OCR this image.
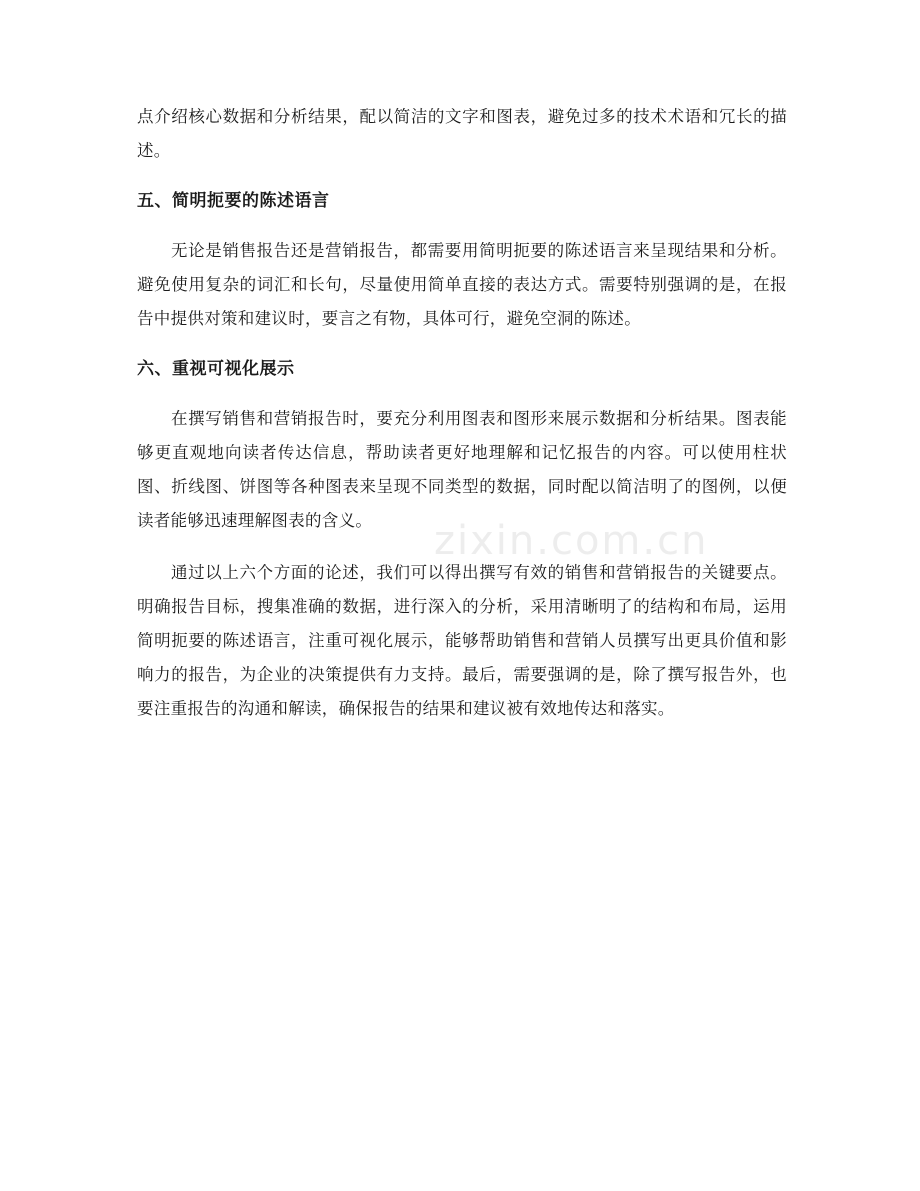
点介绍核心数据和分析结果，配以简洁的文字和图表，避免过多的技术术语和冗长的描述。

五、简明扼要的陈述语言

无论是销售报告还是营销报告，都需要用简明扼要的陈述语言来呈现结果和分析。避免使用复杂的词汇和长句，尽量使用简单直接的表达方式。需要特别强调的是，在报告中提供对策和建议时，要言之有物，具体可行，避免空洞的陈述。

六、重视可视化展示

在撰写销售和营销报告时，要充分利用图表和图形来展示数据和分析结果。图表能够更直观地向读者传达信息，帮助读者更好地理解和记忆报告的内容。可以使用柱状图、折线图、饼图等各种图表来呈现不同类型的数据，同时配以简洁明了的图例，以便读者能够迅速理解图表的含义。

通过以上六个方面的论述，我们可以得出撰写有效的销售和营销报告的关键要点。明确报告目标，搜集准确的数据，进行深入的分析，采用清晰明了的结构和布局，运用简明扼要的陈述语言，注重可视化展示，能够帮助销售和营销人员撰写出更具价值和影响力的报告，为企业的决策提供有力支持。最后，需要强调的是，除了撰写报告外，也要注重报告的沟通和解读，确保报告的结果和建议被有效地传达和落实。

zixin.com.cn
